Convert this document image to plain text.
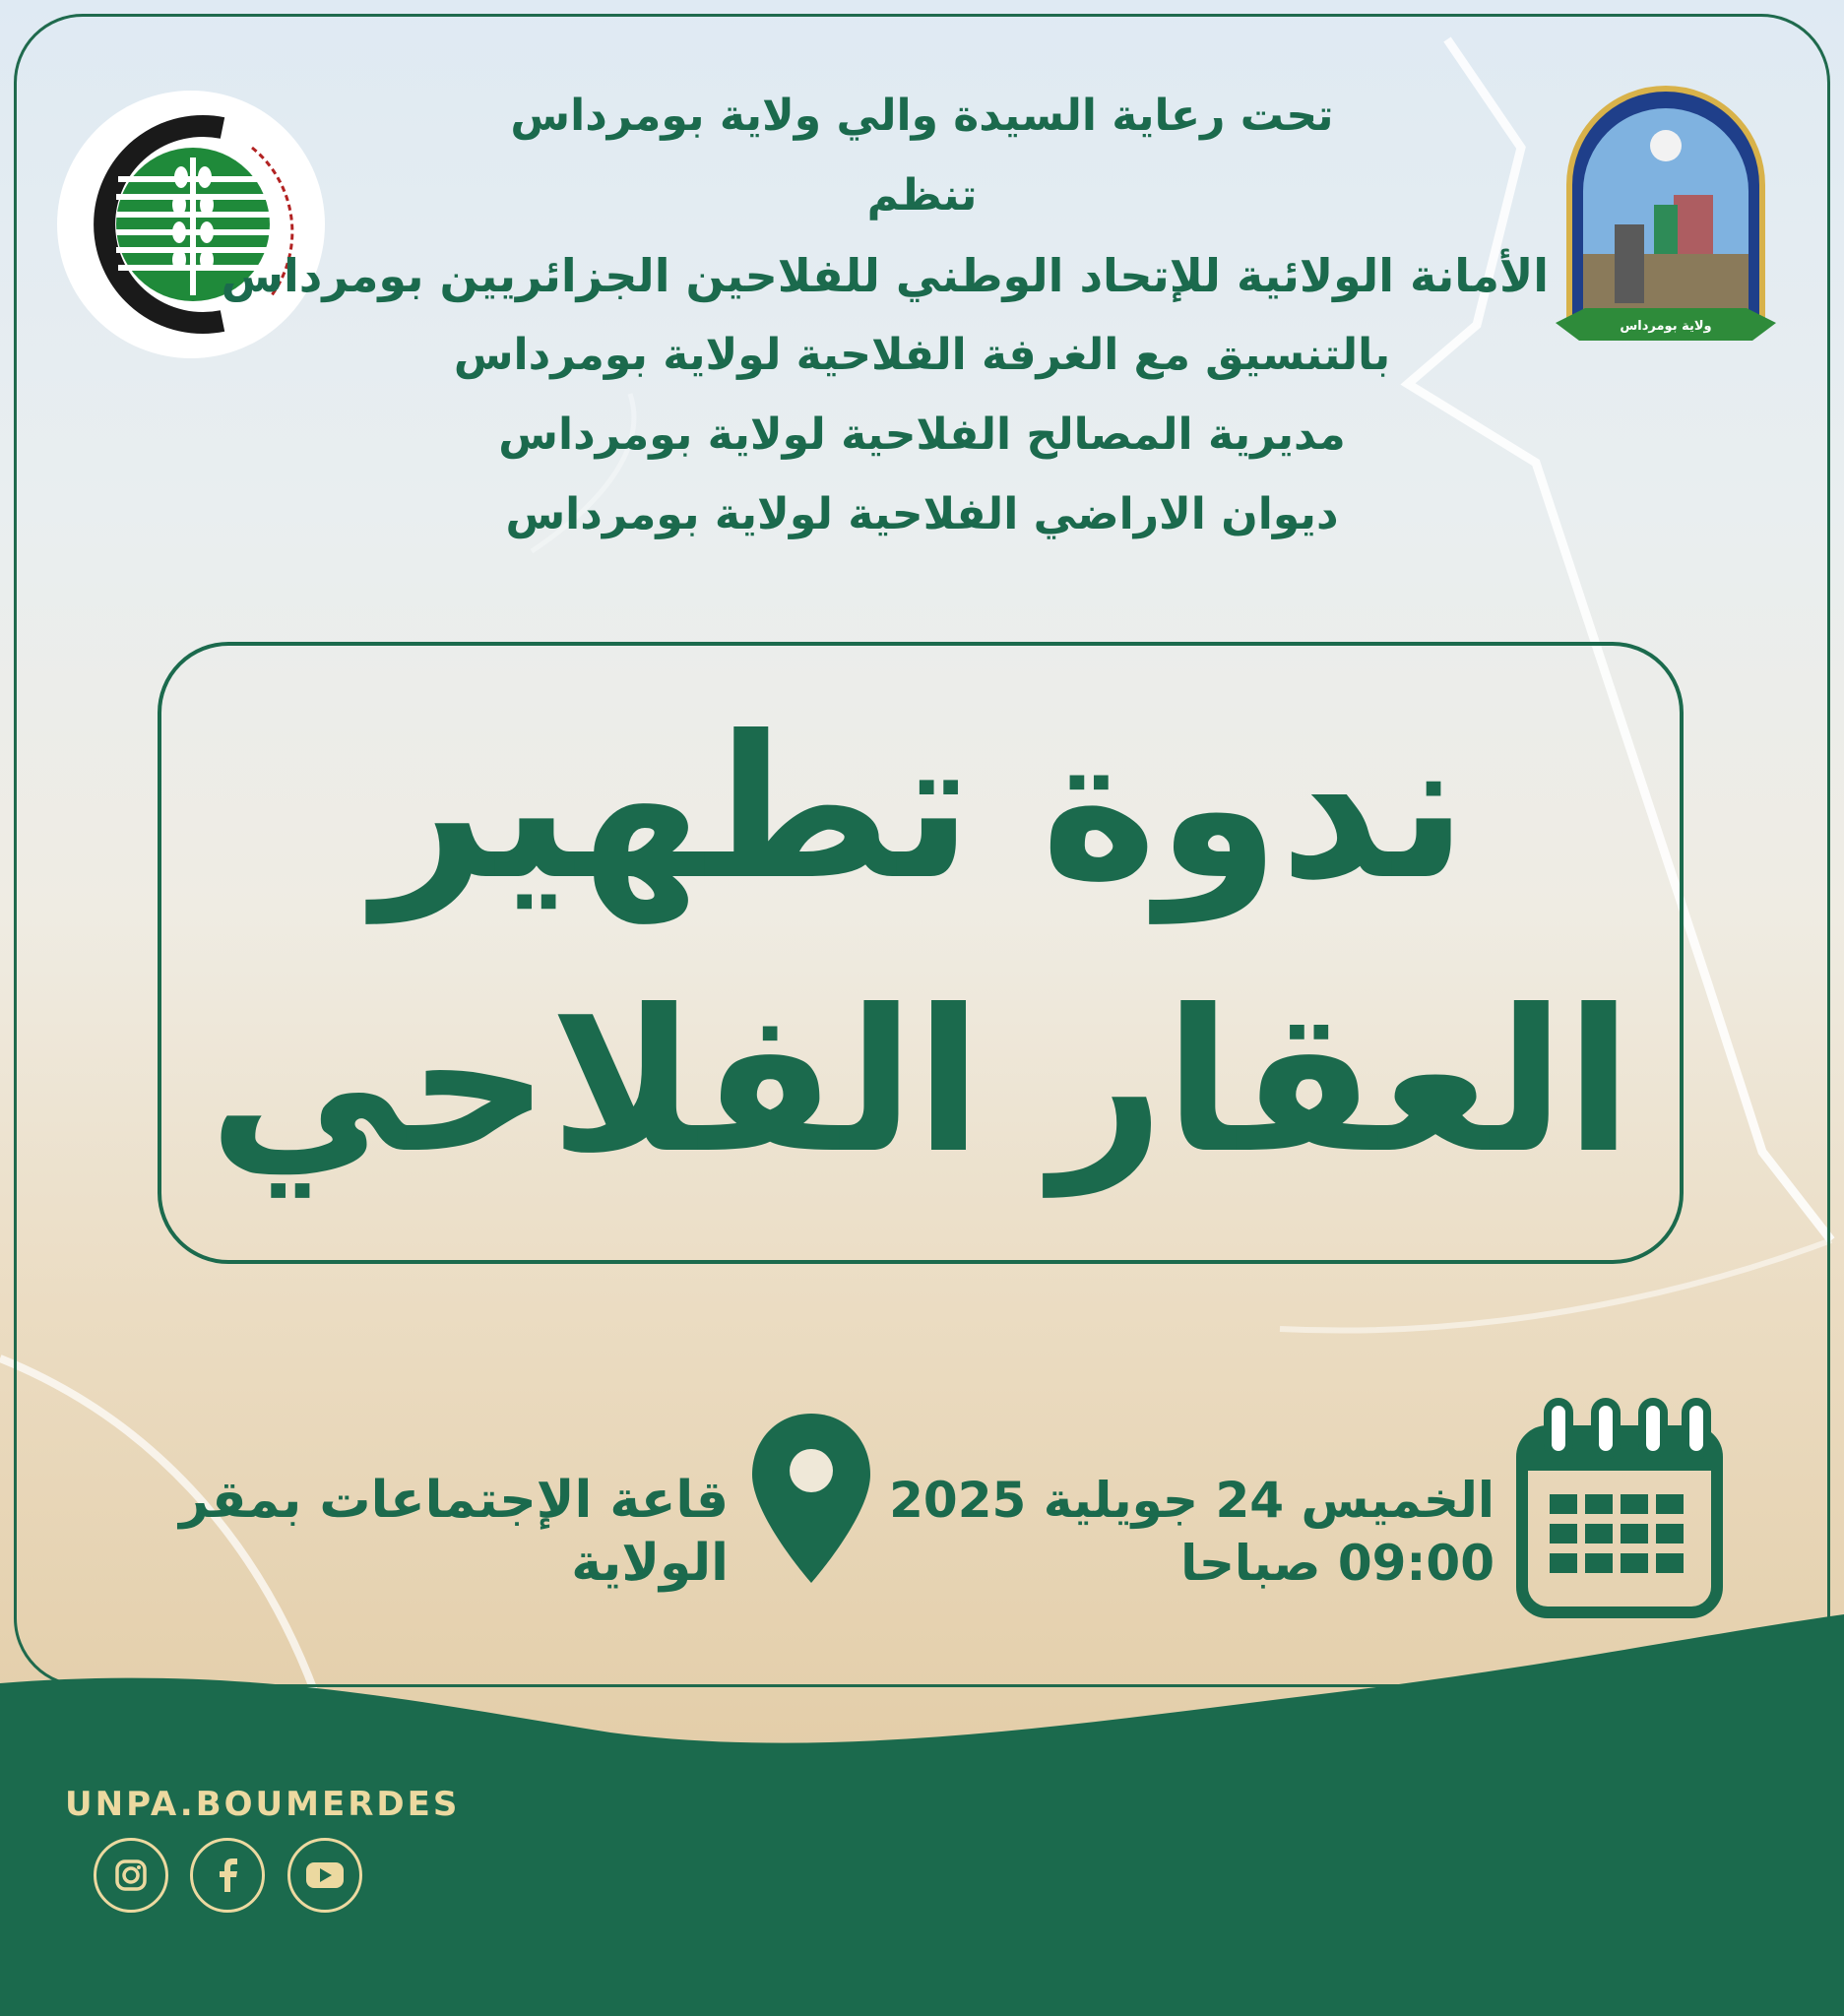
ولاية بومرداس
تحت رعاية السيدة والي ولاية بومرداس
تنظم
الأمانة الولائية للإتحاد الوطني للفلاحين الجزائريين بومرداس
بالتنسيق مع الغرفة الفلاحية لولاية بومرداس
مديرية المصالح الفلاحية لولاية بومرداس
ديوان الاراضي الفلاحية لولاية بومرداس
ندوة تطهير
العقار الفلاحي
الخميس 24 جويلية 2025
09:00 صباحا
قاعة الإجتماعات بمقر
الولاية
UNPA.BOUMERDES
